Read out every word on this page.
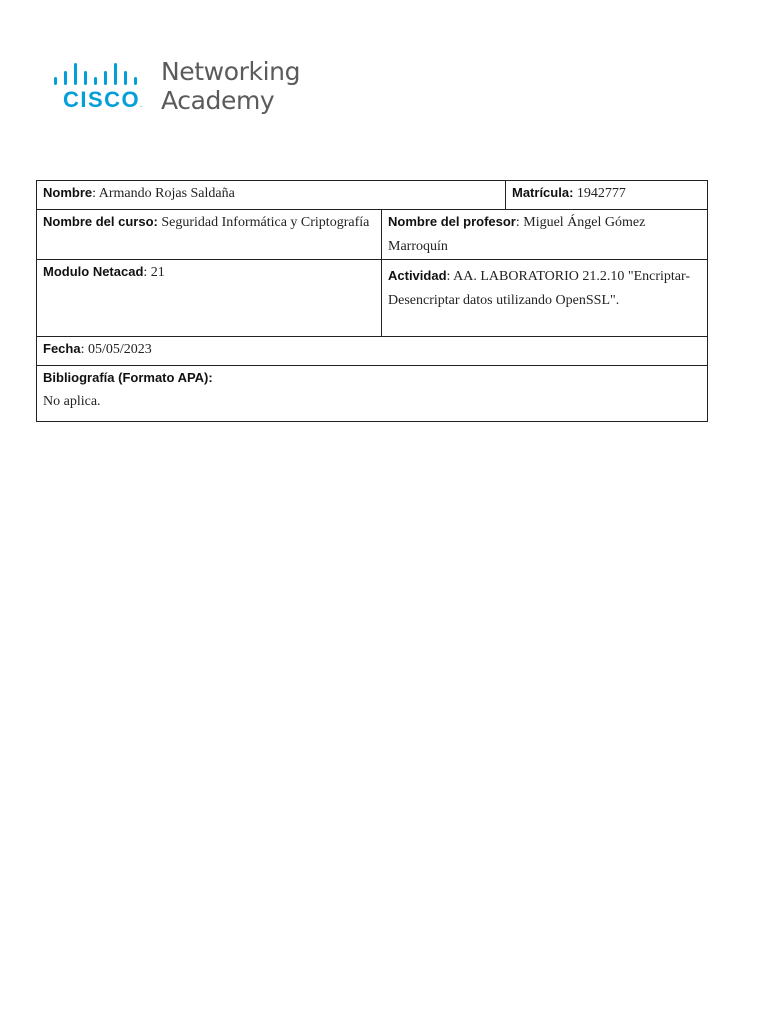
CISCO.
Networking
Academy
Nombre: Armando Rojas Saldaña		Matrícula: 1942777
Nombre del curso: Seguridad Informática y Criptografía	Nombre del profesor: Miguel Ángel Gómez Marroquín	
Modulo Netacad: 21	Actividad: AA. LABORATORIO 21.2.10 "Encriptar-Desencriptar datos utilizando OpenSSL".	
Fecha: 05/05/2023		

Bibliografía (Formato APA):
No aplica.		
